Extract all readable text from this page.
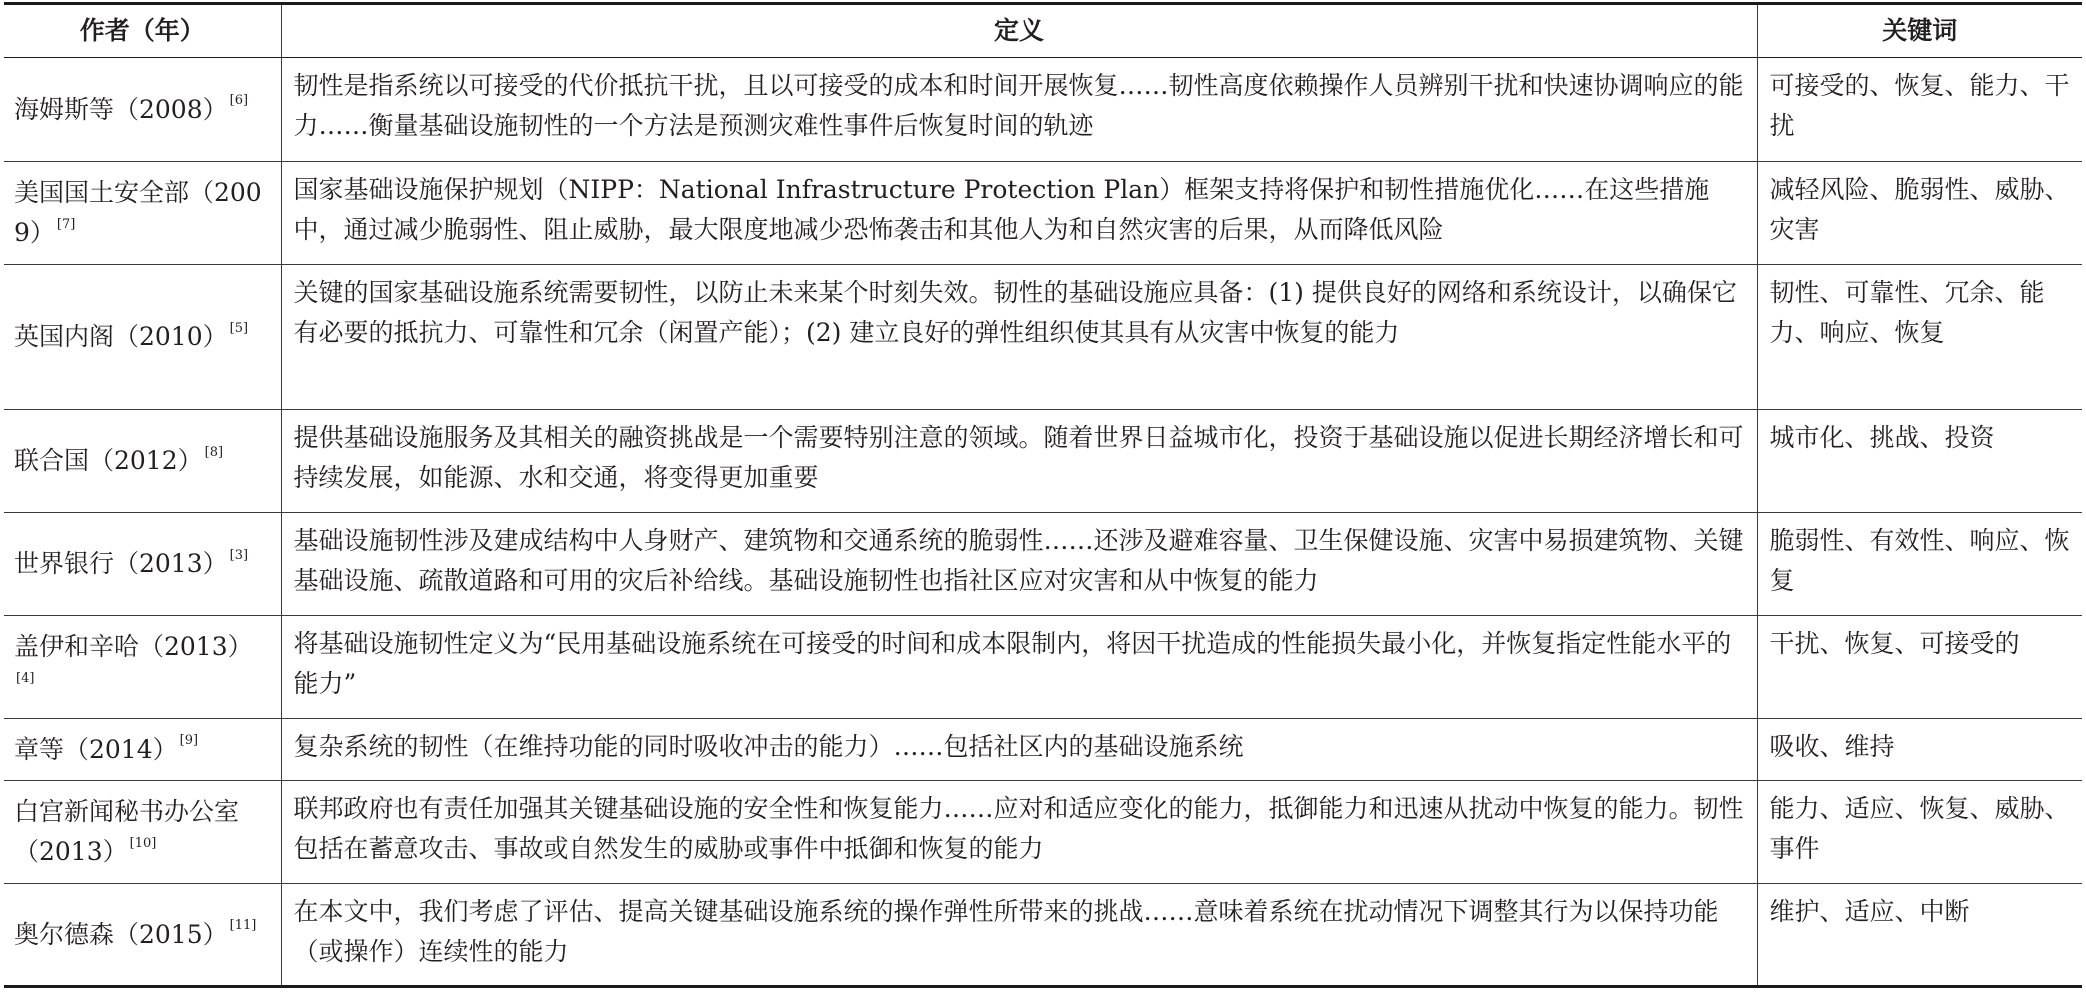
作者（年）	定义	关键词
海姆斯等（2008） [6]	韧性是指系统以可接受的代价抵抗干扰，且以可接受的成本和时间开展恢复……韧性高度依赖操作人员辨别干扰和快速协调响应的能力……衡量基础设施韧性的一个方法是预测灾难性事件后恢复时间的轨迹	可接受的、恢复、能力、干扰
美国国土安全部（2009） [7]	国家基础设施保护规划（NIPP：National Infrastructure Protection Plan）框架支持将保护和韧性措施优化……在这些措施中，通过减少脆弱性、阻止威胁，最大限度地减少恐怖袭击和其他人为和自然灾害的后果，从而降低风险	减轻风险、脆弱性、威胁、灾害
英国内阁（2010） [5]	关键的国家基础设施系统需要韧性，以防止未来某个时刻失效。韧性的基础设施应具备：(1) 提供良好的网络和系统设计，以确保它有必要的抵抗力、可靠性和冗余（闲置产能）；(2) 建立良好的弹性组织使其具有从灾害中恢复的能力	韧性、可靠性、冗余、能力、响应、恢复
联合国（2012） [8]	提供基础设施服务及其相关的融资挑战是一个需要特别注意的领域。随着世界日益城市化，投资于基础设施以促进长期经济增长和可持续发展，如能源、水和交通，将变得更加重要	城市化、挑战、投资
世界银行（2013） [3]	基础设施韧性涉及建成结构中人身财产、建筑物和交通系统的脆弱性……还涉及避难容量、卫生保健设施、灾害中易损建筑物、关键基础设施、疏散道路和可用的灾后补给线。基础设施韧性也指社区应对灾害和从中恢复的能力	脆弱性、有效性、响应、恢复
盖伊和辛哈（2013）[4]	将基础设施韧性定义为“民用基础设施系统在可接受的时间和成本限制内，将因干扰造成的性能损失最小化，并恢复指定性能水平的能力”	干扰、恢复、可接受的
章等（2014） [9]	复杂系统的韧性（在维持功能的同时吸收冲击的能力）……包括社区内的基础设施系统	吸收、维持
白宫新闻秘书办公室（2013） [10]	联邦政府也有责任加强其关键基础设施的安全性和恢复能力……应对和适应变化的能力，抵御能力和迅速从扰动中恢复的能力。韧性包括在蓄意攻击、事故或自然发生的威胁或事件中抵御和恢复的能力	能力、适应、恢复、威胁、事件
奥尔德森（2015） [11]	在本文中，我们考虑了评估、提高关键基础设施系统的操作弹性所带来的挑战……意味着系统在扰动情况下调整其行为以保持功能（或操作）连续性的能力	维护、适应、中断
